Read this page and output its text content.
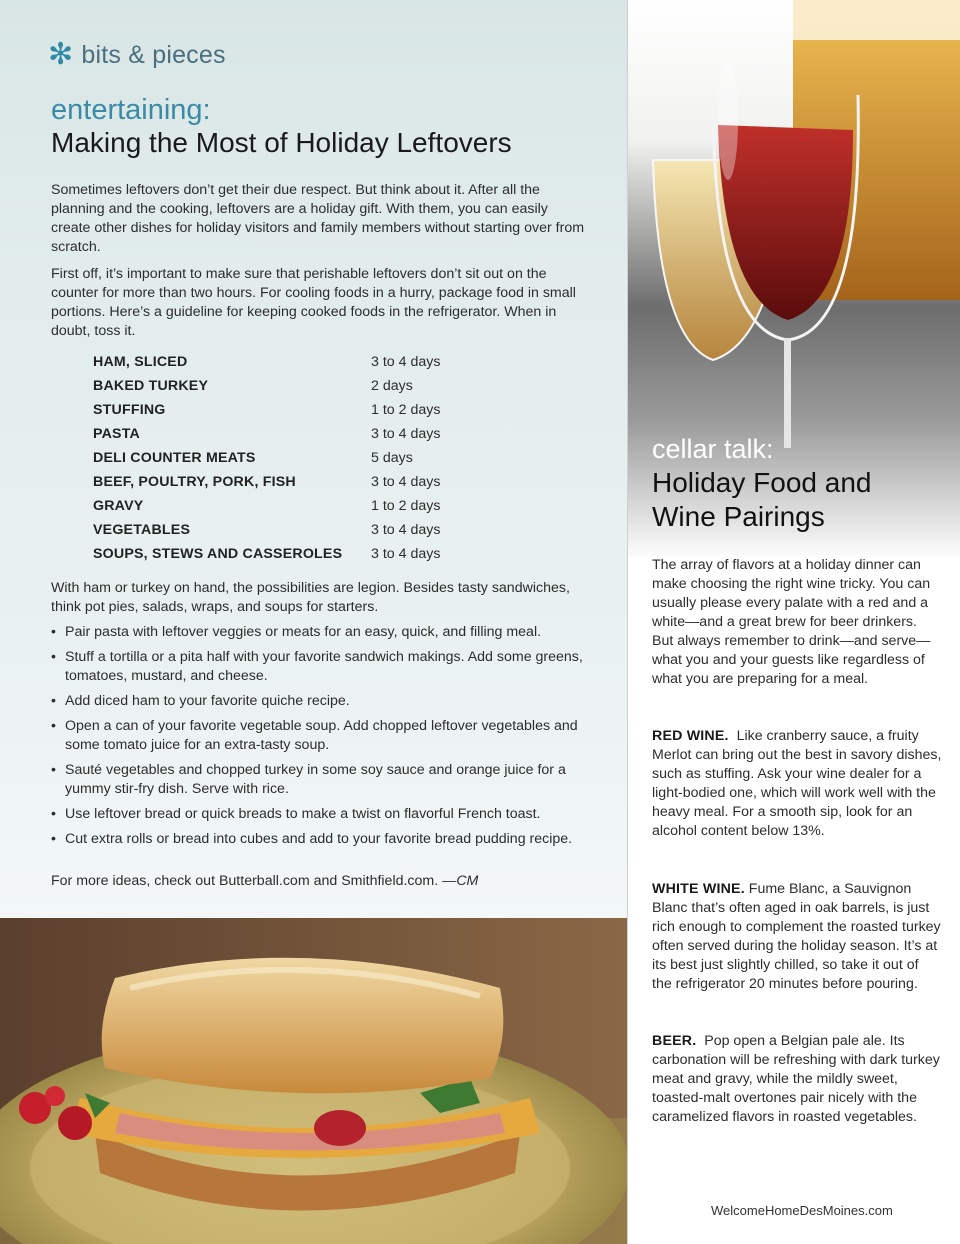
✻ bits & pieces
entertaining:
Making the Most of Holiday Leftovers

Sometimes leftovers don’t get their due respect. But think about it. After all the planning and the cooking, leftovers are a holiday gift. With them, you can easily create other dishes for holiday visitors and family members without starting over from scratch.

First off, it’s important to make sure that perishable leftovers don’t sit out on the counter for more than two hours. For cooling foods in a hurry, package food in small portions. Here’s a guideline for keeping cooked foods in the refrigerator. When in doubt, toss it.

HAM, SLICED	3 to 4 days
BAKED TURKEY	2 days
STUFFING	1 to 2 days
PASTA	3 to 4 days
DELI COUNTER MEATS	5 days
BEEF, POULTRY, PORK, FISH	3 to 4 days
GRAVY	1 to 2 days
VEGETABLES	3 to 4 days
SOUPS, STEWS AND CASSEROLES	3 to 4 days

With ham or turkey on hand, the possibilities are legion. Besides tasty sandwiches, think pot pies, salads, wraps, and soups for starters.

• Pair pasta with leftover veggies or meats for an easy, quick, and filling meal.
• Stuff a tortilla or a pita half with your favorite sandwich makings. Add some greens, tomatoes, mustard, and cheese.
• Add diced ham to your favorite quiche recipe.
• Open a can of your favorite vegetable soup. Add chopped leftover vegetables and some tomato juice for an extra-tasty soup.
• Sauté vegetables and chopped turkey in some soy sauce and orange juice for a yummy stir-fry dish. Serve with rice.
• Use leftover bread or quick breads to make a twist on flavorful French toast.
• Cut extra rolls or bread into cubes and add to your favorite bread pudding recipe.

For more ideas, check out Butterball.com and Smithfield.com. —CM

cellar talk:
Holiday Food and Wine Pairings

The array of flavors at a holiday dinner can make choosing the right wine tricky. You can usually please every palate with a red and a white—and a great brew for beer drinkers. But always remember to drink—and serve—what you and your guests like regardless of what you are preparing for a meal.

RED WINE. Like cranberry sauce, a fruity Merlot can bring out the best in savory dishes, such as stuffing. Ask your wine dealer for a light-bodied one, which will work well with the heavy meal. For a smooth sip, look for an alcohol content below 13%.

WHITE WINE. Fume Blanc, a Sauvignon Blanc that’s often aged in oak barrels, is just rich enough to complement the roasted turkey often served during the holiday season. It’s at its best just slightly chilled, so take it out of the refrigerator 20 minutes before pouring.

BEER. Pop open a Belgian pale ale. Its carbonation will be refreshing with dark turkey meat and gravy, while the mildly sweet, toasted-malt overtones pair nicely with the caramelized flavors in roasted vegetables.

WelcomeHomeDesMoines.com
